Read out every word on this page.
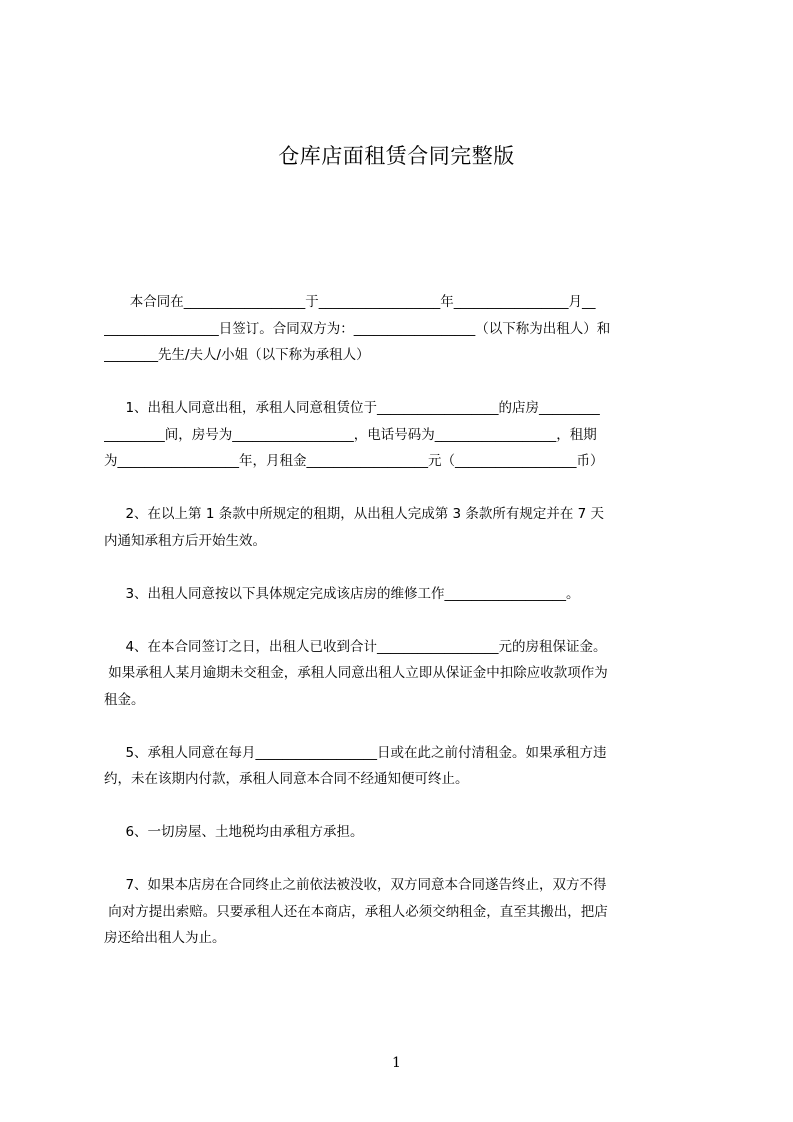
仓库店面租赁合同完整版

本合同在__________________于__________________年_________________月__
_________________日签订。合同双方为：__________________（以下称为出租人）和
________先生/夫人/小姐（以下称为承租人）

1、出租人同意出租，承租人同意租赁位于__________________的店房_________
_________间，房号为__________________，电话号码为__________________，租期
为__________________年，月租金__________________元（__________________币）

2、在以上第 1 条款中所规定的租期，从出租人完成第 3 条款所有规定并在 7 天
内通知承租方后开始生效。

3、出租人同意按以下具体规定完成该店房的维修工作__________________。

4、在本合同签订之日，出租人已收到合计__________________元的房租保证金。
如果承租人某月逾期未交租金，承租人同意出租人立即从保证金中扣除应收款项作为
租金。

5、承租人同意在每月__________________日或在此之前付清租金。如果承租方违
约，未在该期内付款，承租人同意本合同不经通知便可终止。

6、一切房屋、土地税均由承租方承担。

7、如果本店房在合同终止之前依法被没收，双方同意本合同遂告终止，双方不得
向对方提出索赔。只要承租人还在本商店，承租人必须交纳租金，直至其搬出，把店
房还给出租人为止。

1
